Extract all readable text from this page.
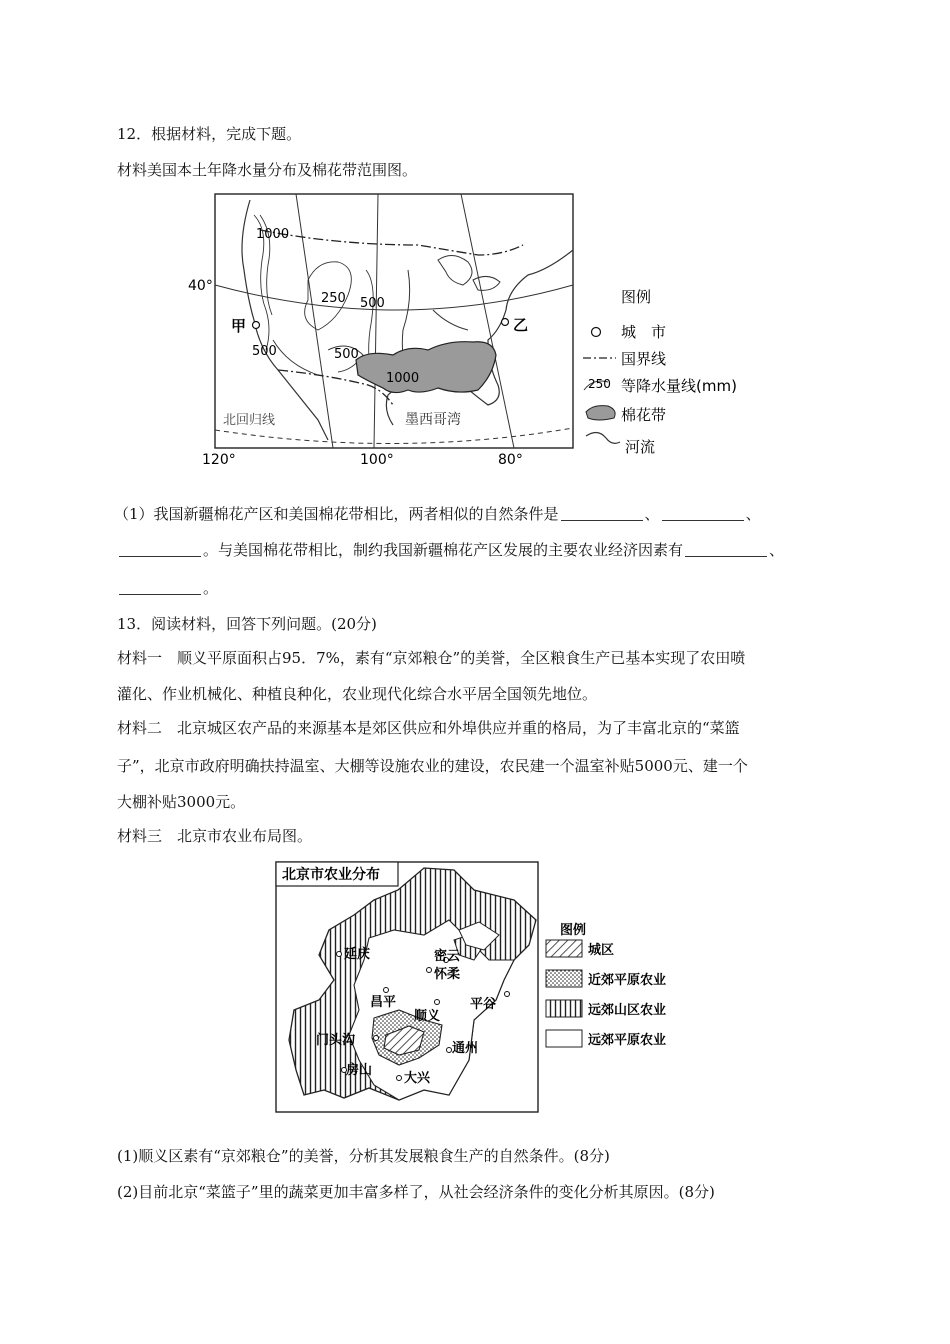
12．根据材料，完成下题。
材料美国本土年降水量分布及棉花带范围图。
1000
250 500
500	500
1000
40°
甲	乙
北回归线	墨西哥湾
120°	100°	80°
图例
城　市
国界线
250 等降水量线(mm)
棉花带
河流
（1）我国新疆棉花产区和美国棉花带相比，两者相似的自然条件是	、	、
。与美国棉花带相比，制约我国新疆棉花产区发展的主要农业经济因素有	、
。
13．阅读材料，回答下列问题。(20分)
材料一　顺义平原面积占95．7%，素有“京郊粮仓”的美誉，全区粮食生产已基本实现了农田喷
灌化、作业机械化、种植良种化，农业现代化综合水平居全国领先地位。
材料二　北京城区农产品的来源基本是郊区供应和外埠供应并重的格局，为了丰富北京的“菜篮
子”，北京市政府明确扶持温室、大棚等设施农业的建设，农民建一个温室补贴5000元、建一个
大棚补贴3000元。
材料三　北京市农业布局图。
北京市农业分布
延庆	密云
怀柔
昌平	平谷
顺义
门头沟
通州
房山
大兴
图例
城区
近郊平原农业
远郊山区农业
远郊平原农业
(1)顺义区素有“京郊粮仓”的美誉，分析其发展粮食生产的自然条件。(8分)
(2)目前北京“菜篮子”里的蔬菜更加丰富多样了，从社会经济条件的变化分析其原因。(8分)
